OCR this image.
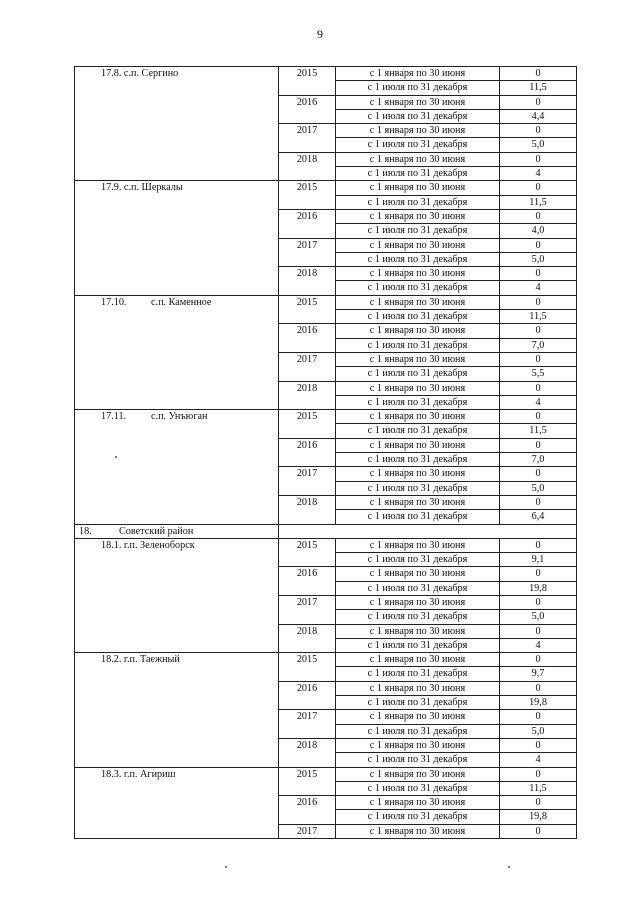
9
17.8. с.п. Сергино	2015	с 1 января по 30 июня	0
		с 1 июля по 31 декабря	11,5
	2016	с 1 января по 30 июня	0
		с 1 июля по 31 декабря	4,4
	2017	с 1 января по 30 июня	0
		с 1 июля по 31 декабря	5,0
	2018	с 1 января по 30 июня	0
		с 1 июля по 31 декабря	4
17.9. с.п. Шеркалы	2015	с 1 января по 30 июня	0
		с 1 июля по 31 декабря	11,5
	2016	с 1 января по 30 июня	0
		с 1 июля по 31 декабря	4,0
	2017	с 1 января по 30 июня	0
		с 1 июля по 31 декабря	5,0
	2018	с 1 января по 30 июня	0
		с 1 июля по 31 декабря	4
17.10. с.п. Каменное	2015	с 1 января по 30 июня	0
		с 1 июля по 31 декабря	11,5
	2016	с 1 января по 30 июня	0
		с 1 июля по 31 декабря	7,0
	2017	с 1 января по 30 июня	0
		с 1 июля по 31 декабря	5,5
	2018	с 1 января по 30 июня	0
		с 1 июля по 31 декабря	4
17.11. с.п. Унъюган	2015	с 1 января по 30 июня	0
		с 1 июля по 31 декабря	11,5
	2016	с 1 января по 30 июня	0
		с 1 июля по 31 декабря	7,0
	2017	с 1 января по 30 июня	0
		с 1 июля по 31 декабря	5,0
	2018	с 1 января по 30 июня	0
		с 1 июля по 31 декабря	6,4
18. Советский район			
18.1. г.п. Зеленоборск	2015	с 1 января по 30 июня	0
		с 1 июля по 31 декабря	9,1
	2016	с 1 января по 30 июня	0
		с 1 июля по 31 декабря	19,8
	2017	с 1 января по 30 июня	0
		с 1 июля по 31 декабря	5,0
	2018	с 1 января по 30 июня	0
		с 1 июля по 31 декабря	4
18.2. г.п. Таежный	2015	с 1 января по 30 июня	0
		с 1 июля по 31 декабря	9,7
	2016	с 1 января по 30 июня	0
		с 1 июля по 31 декабря	19,8
	2017	с 1 января по 30 июня	0
		с 1 июля по 31 декабря	5,0
	2018	с 1 января по 30 июня	0
		с 1 июля по 31 декабря	4
18.3. г.п. Агириш	2015	с 1 января по 30 июня	0
		с 1 июля по 31 декабря	11,5
	2016	с 1 января по 30 июня	0
		с 1 июля по 31 декабря	19,8
	2017	с 1 января по 30 июня	0
